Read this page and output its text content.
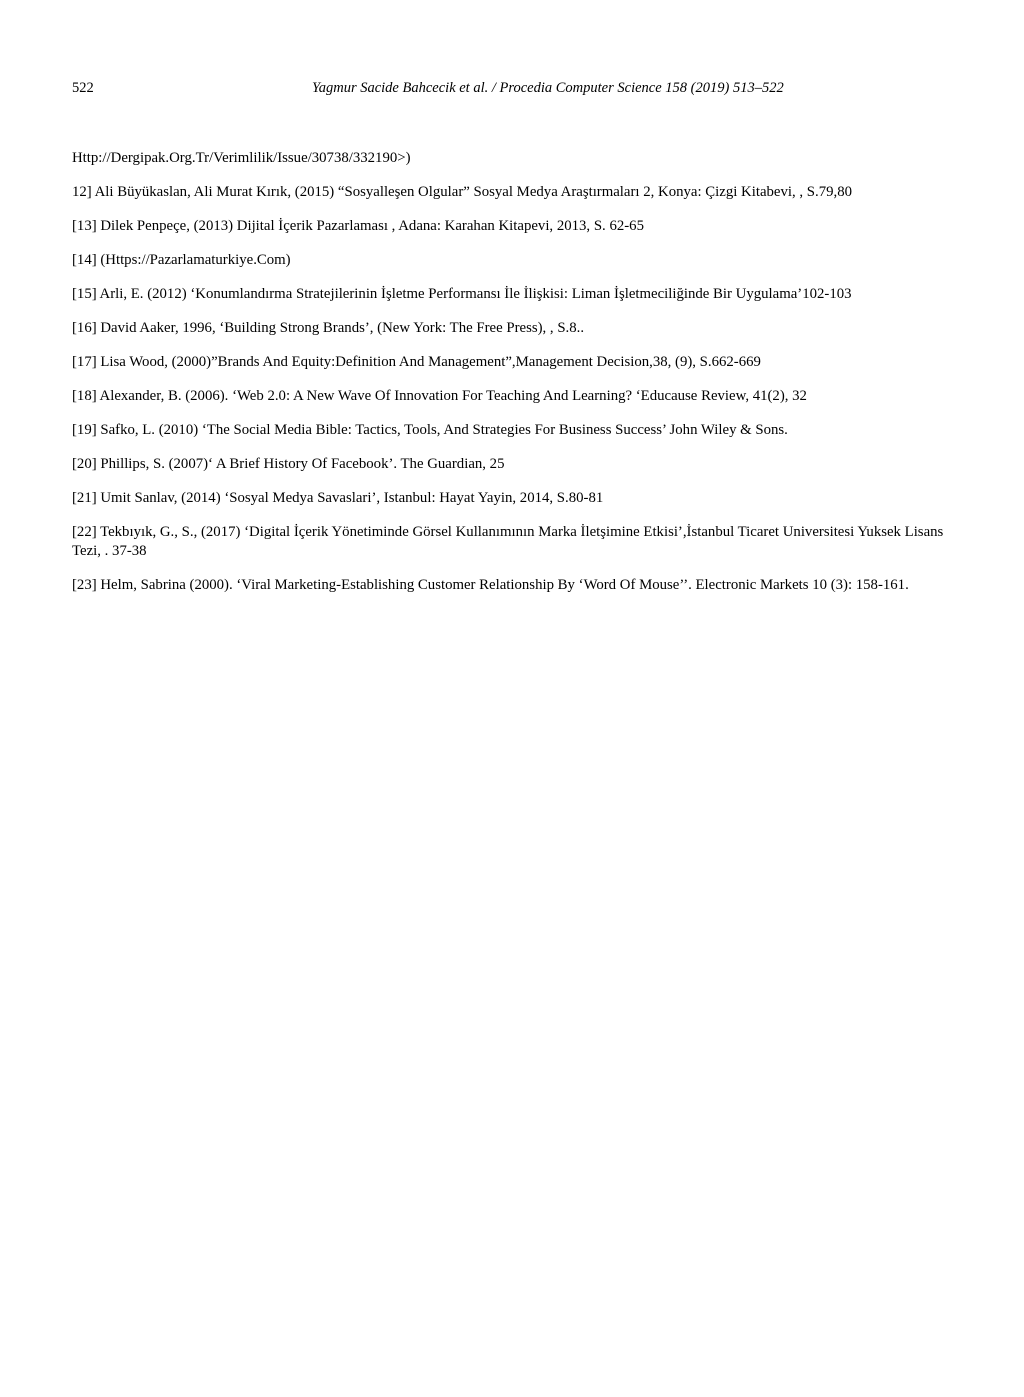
522	Yagmur Sacide Bahcecik et al. / Procedia Computer Science 158 (2019) 513–522

Http://Dergipak.Org.Tr/Verimlilik/Issue/30738/332190>)

12] Ali Büyükaslan, Ali Murat Kırık, (2015) “Sosyalleşen Olgular” Sosyal Medya Araştırmaları 2, Konya: Çizgi Kitabevi, , S.79,80

[13] Dilek Penpeçe, (2013) Dijital İçerik Pazarlaması , Adana: Karahan Kitapevi, 2013, S. 62-65

[14] (Https://Pazarlamaturkiye.Com)

[15] Arli, E. (2012) ‘Konumlandırma Stratejilerinin İşletme Performansı İle İlişkisi: Liman İşletmeciliğinde Bir Uygulama’102-103

[16] David Aaker, 1996, ‘Building Strong Brands’, (New York: The Free Press), , S.8..

[17] Lisa Wood, (2000)”Brands And Equity:Definition And Management”,Management Decision,38, (9), S.662-669

[18] Alexander, B. (2006). ‘Web 2.0: A New Wave Of Innovation For Teaching And Learning? ‘Educause Review, 41(2), 32

[19] Safko, L. (2010) ‘The Social Media Bible: Tactics, Tools, And Strategies For Business Success’ John Wiley & Sons.

[20] Phillips, S. (2007)‘ A Brief History Of Facebook’. The Guardian, 25

[21] Umit Sanlav, (2014) ‘Sosyal Medya Savaslari’, Istanbul: Hayat Yayin, 2014, S.80-81

[22] Tekbıyık, G., S., (2017) ‘Digital İçerik Yönetiminde Görsel Kullanımının Marka İletşimine Etkisi’,İstanbul Ticaret Universitesi Yuksek Lisans Tezi, . 37-38

[23] Helm, Sabrina (2000). ‘Viral Marketing-Establishing Customer Relationship By ‘Word Of Mouse’’. Electronic Markets 10 (3): 158-161.
